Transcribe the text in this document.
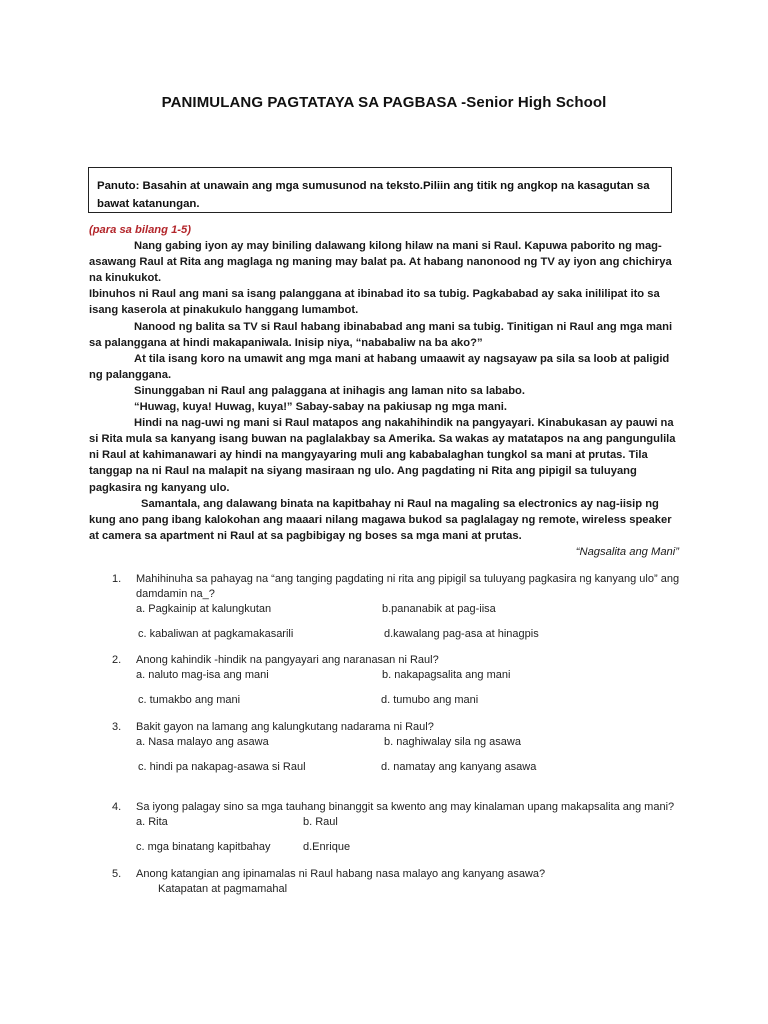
PANIMULANG PAGTATAYA SA PAGBASA -Senior High School
Panuto: Basahin at unawain ang mga sumusunod na teksto.Piliin ang titik ng angkop na kasagutan sa bawat katanungan.

(para sa bilang 1-5)

Nang gabing iyon ay may biniling dalawang kilong hilaw na mani si Raul. Kapuwa paborito ng mag-asawang Raul at Rita ang maglaga ng maning may balat pa. At habang nanonood ng TV ay iyon ang chichirya na kinukukot.

Ibinuhos ni Raul ang mani sa isang palanggana at ibinabad ito sa tubig. Pagkababad ay saka inililipat ito sa isang kaserola at pinakukulo hanggang lumambot.

Nanood ng balita sa TV si Raul habang ibinababad ang mani sa tubig. Tinitigan ni Raul ang mga mani sa palanggana at hindi makapaniwala. Inisip niya, “nababaliw na ba ako?”

At tila isang koro na umawit ang mga mani at habang umaawit ay nagsayaw pa sila sa loob at paligid ng palanggana.

Sinunggaban ni Raul ang palaggana at inihagis ang laman nito sa lababo.

“Huwag, kuya! Huwag, kuya!” Sabay-sabay na pakiusap ng mga mani.

Hindi na nag-uwi ng mani si Raul matapos ang nakahihindik na pangyayari. Kinabukasan ay pauwi na si Rita mula sa kanyang isang buwan na paglalakbay sa Amerika. Sa wakas ay matatapos na ang pangungulila ni Raul at kahimanawari ay hindi na mangyayaring muli ang kababalaghan tungkol sa mani at prutas. Tila tanggap na ni Raul na malapit na siyang masiraan ng ulo. Ang pagdating ni Rita ang pipigil sa tuluyang pagkasira ng kanyang ulo.

Samantala, ang dalawang binata na kapitbahay ni Raul na magaling sa electronics ay nag-iisip ng kung ano pang ibang kalokohan ang maaari nilang magawa bukod sa paglalagay ng remote, wireless speaker at camera sa apartment ni Raul at sa pagbibigay ng boses sa mga mani at prutas.

“Nagsalita ang Mani”

1. Mahihinuha sa pahayag na “ang tanging pagdating ni rita ang pipigil sa tuluyang pagkasira ng kanyang ulo” ang damdamin na_?
a. Pagkainip at kalungkutan	b.pananabik at pag-iisa
c. kabaliwan at pagkamakasarili	d.kawalang pag-asa at hinagpis
2. Anong kahindik -hindik na pangyayari ang naranasan ni Raul?
a. naluto mag-isa ang mani	b. nakapagsalita ang mani
c. tumakbo ang mani	d. tumubo ang mani
3. Bakit gayon na lamang ang kalungkutang nadarama ni Raul?
a. Nasa malayo ang asawa	b. naghiwalay sila ng asawa
c. hindi pa nakapag-asawa si Raul	d. namatay ang kanyang asawa
4. Sa iyong palagay sino sa mga tauhang binanggit sa kwento ang may kinalaman upang makapsalita ang mani?
a. Rita	b. Raul
c. mga binatang kapitbahay	d.Enrique
5. Anong katangian ang ipinamalas ni Raul habang nasa malayo ang kanyang asawa?
Katapatan at pagmamahal
